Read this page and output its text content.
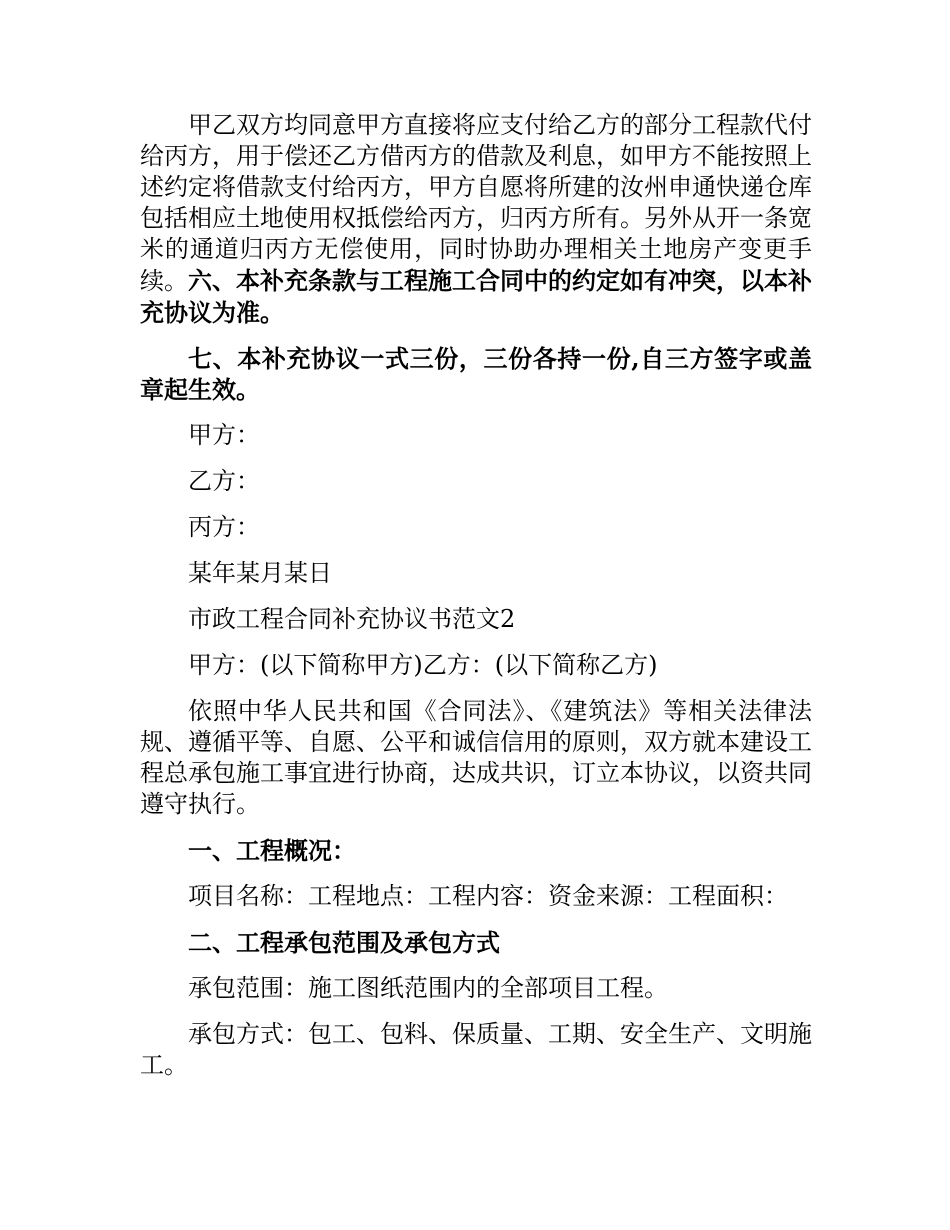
甲乙双方均同意甲方直接将应支付给乙方的部分工程款代付给丙方，用于偿还乙方借丙方的借款及利息，如甲方不能按照上述约定将借款支付给丙方，甲方自愿将所建的汝州申通快递仓库包括相应土地使用权抵偿给丙方，归丙方所有。另外从开一条宽米的通道归丙方无偿使用，同时协助办理相关土地房产变更手续。六、本补充条款与工程施工合同中的约定如有冲突，以本补充协议为准。

七、本补充协议一式三份，三份各持一份,自三方签字或盖章起生效。

甲方：

乙方：

丙方：

某年某月某日

市政工程合同补充协议书范文2

甲方：(以下简称甲方)乙方：(以下简称乙方)

依照中华人民共和国《合同法》、《建筑法》等相关法律法规、遵循平等、自愿、公平和诚信信用的原则，双方就本建设工程总承包施工事宜进行协商，达成共识，订立本协议，以资共同遵守执行。

一、工程概况：

项目名称：工程地点：工程内容：资金来源：工程面积：

二、工程承包范围及承包方式

承包范围：施工图纸范围内的全部项目工程。

承包方式：包工、包料、保质量、工期、安全生产、文明施工。
